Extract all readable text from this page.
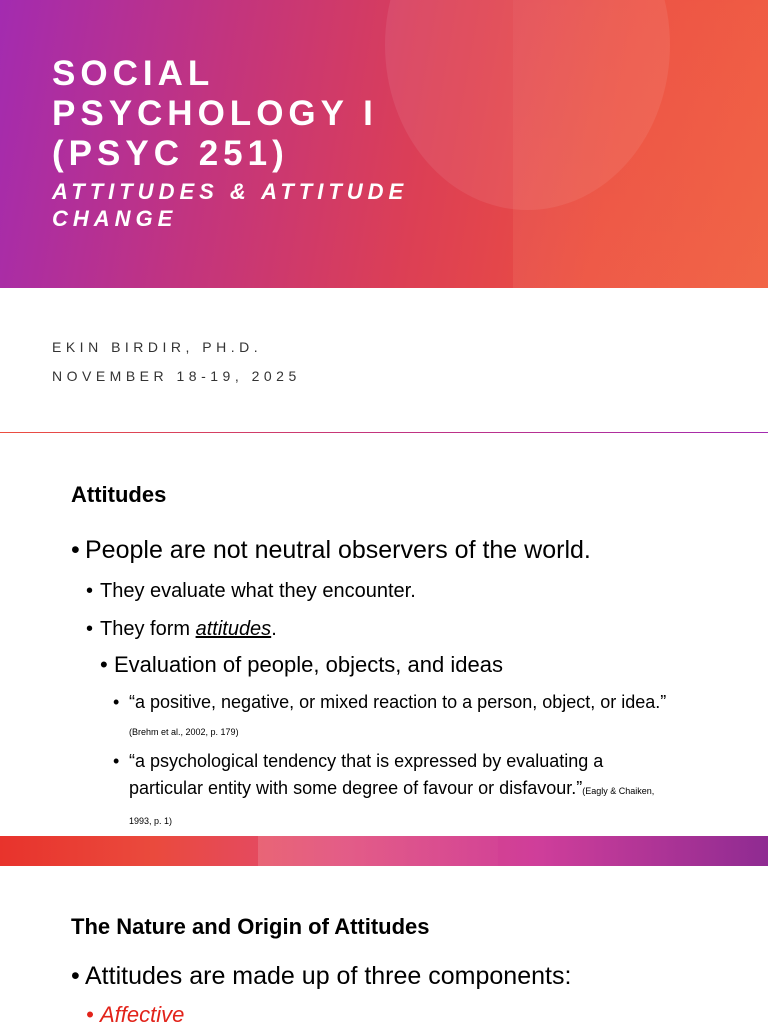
SOCIAL
PSYCHOLOGY I
(PSYC 251)
ATTITUDES & ATTITUDE CHANGE
EKIN BIRDIR, PH.D.
NOVEMBER 18-19, 2025
Attitudes
• People are not neutral observers of the world.
• They evaluate what they encounter.
• They form attitudes.
• Evaluation of people, objects, and ideas
• “a positive, negative, or mixed reaction to a person, object, or idea.” (Brehm et al., 2002, p. 179)
• “a psychological tendency that is expressed by evaluating a particular entity with some degree of favour or disfavour.”(Eagly & Chaiken, 1993, p. 1)
The Nature and Origin of Attitudes
• Attitudes are made up of three components:
• Affective
